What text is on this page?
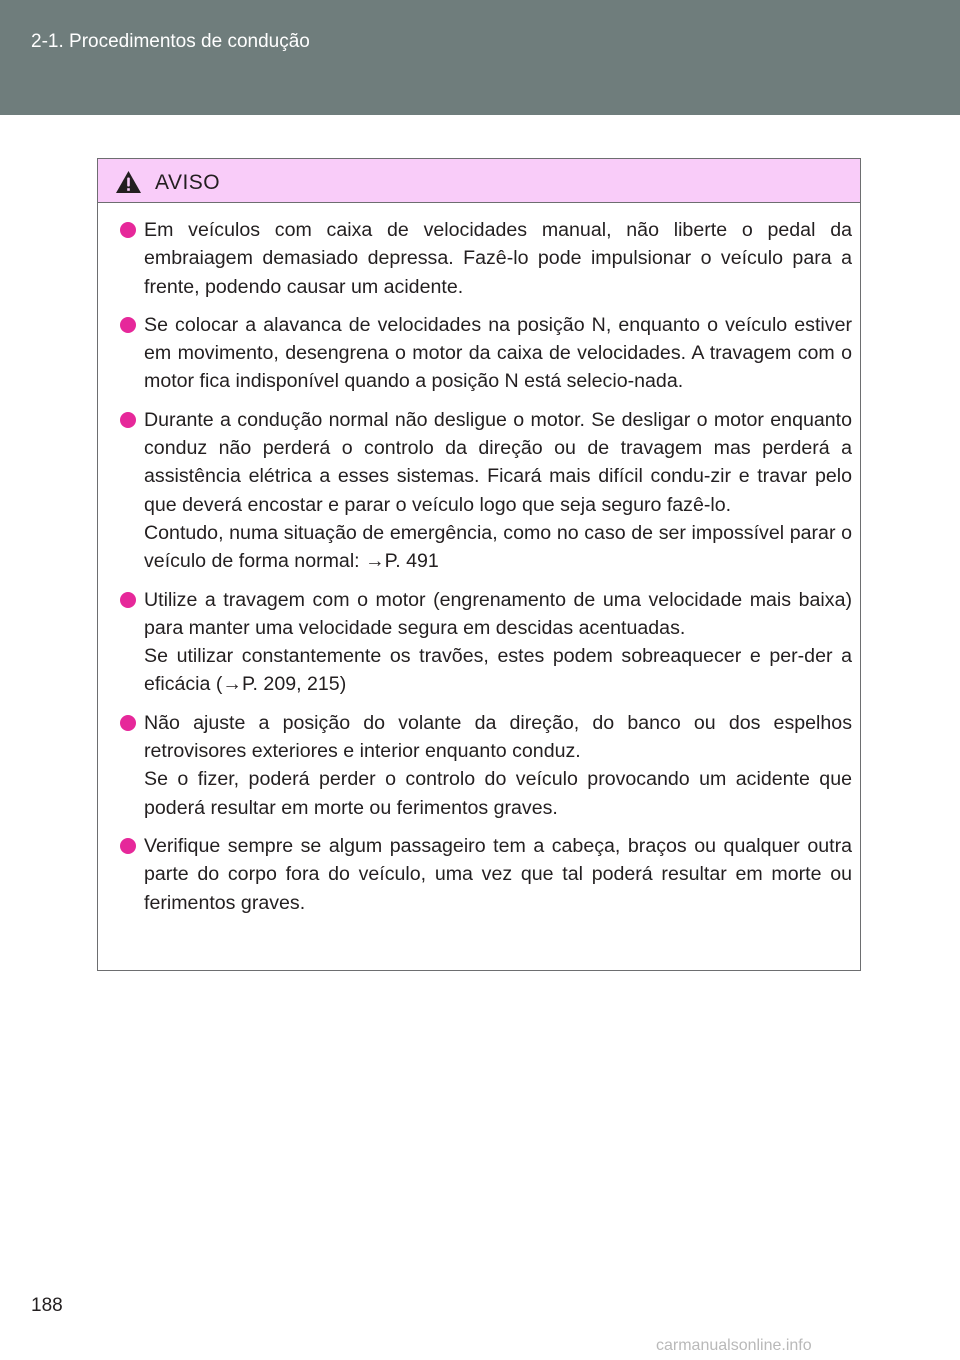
2-1. Procedimentos de condução
AVISO

Em veículos com caixa de velocidades manual, não liberte o pedal da embraiagem demasiado depressa. Fazê-lo pode impulsionar o veículo para a frente, podendo causar um acidente.

Se colocar a alavanca de velocidades na posição N, enquanto o veículo estiver em movimento, desengrena o motor da caixa de velocidades. A travagem com o motor fica indisponível quando a posição N está selecio-nada.

Durante a condução normal não desligue o motor. Se desligar o motor enquanto conduz não perderá o controlo da direção ou de travagem mas perderá a assistência elétrica a esses sistemas. Ficará mais difícil condu-zir e travar pelo que deverá encostar e parar o veículo logo que seja seguro fazê-lo.

Contudo, numa situação de emergência, como no caso de ser impossível parar o veículo de forma normal: →P. 491

Utilize a travagem com o motor (engrenamento de uma velocidade mais baixa) para manter uma velocidade segura em descidas acentuadas.

Se utilizar constantemente os travões, estes podem sobreaquecer e per-der a eficácia (→P. 209, 215)

Não ajuste a posição do volante da direção, do banco ou dos espelhos retrovisores exteriores e interior enquanto conduz.

Se o fizer, poderá perder o controlo do veículo provocando um acidente que poderá resultar em morte ou ferimentos graves.

Verifique sempre se algum passageiro tem a cabeça, braços ou qualquer outra parte do corpo fora do veículo, uma vez que tal poderá resultar em morte ou ferimentos graves.

188
carmanualsonline.info
